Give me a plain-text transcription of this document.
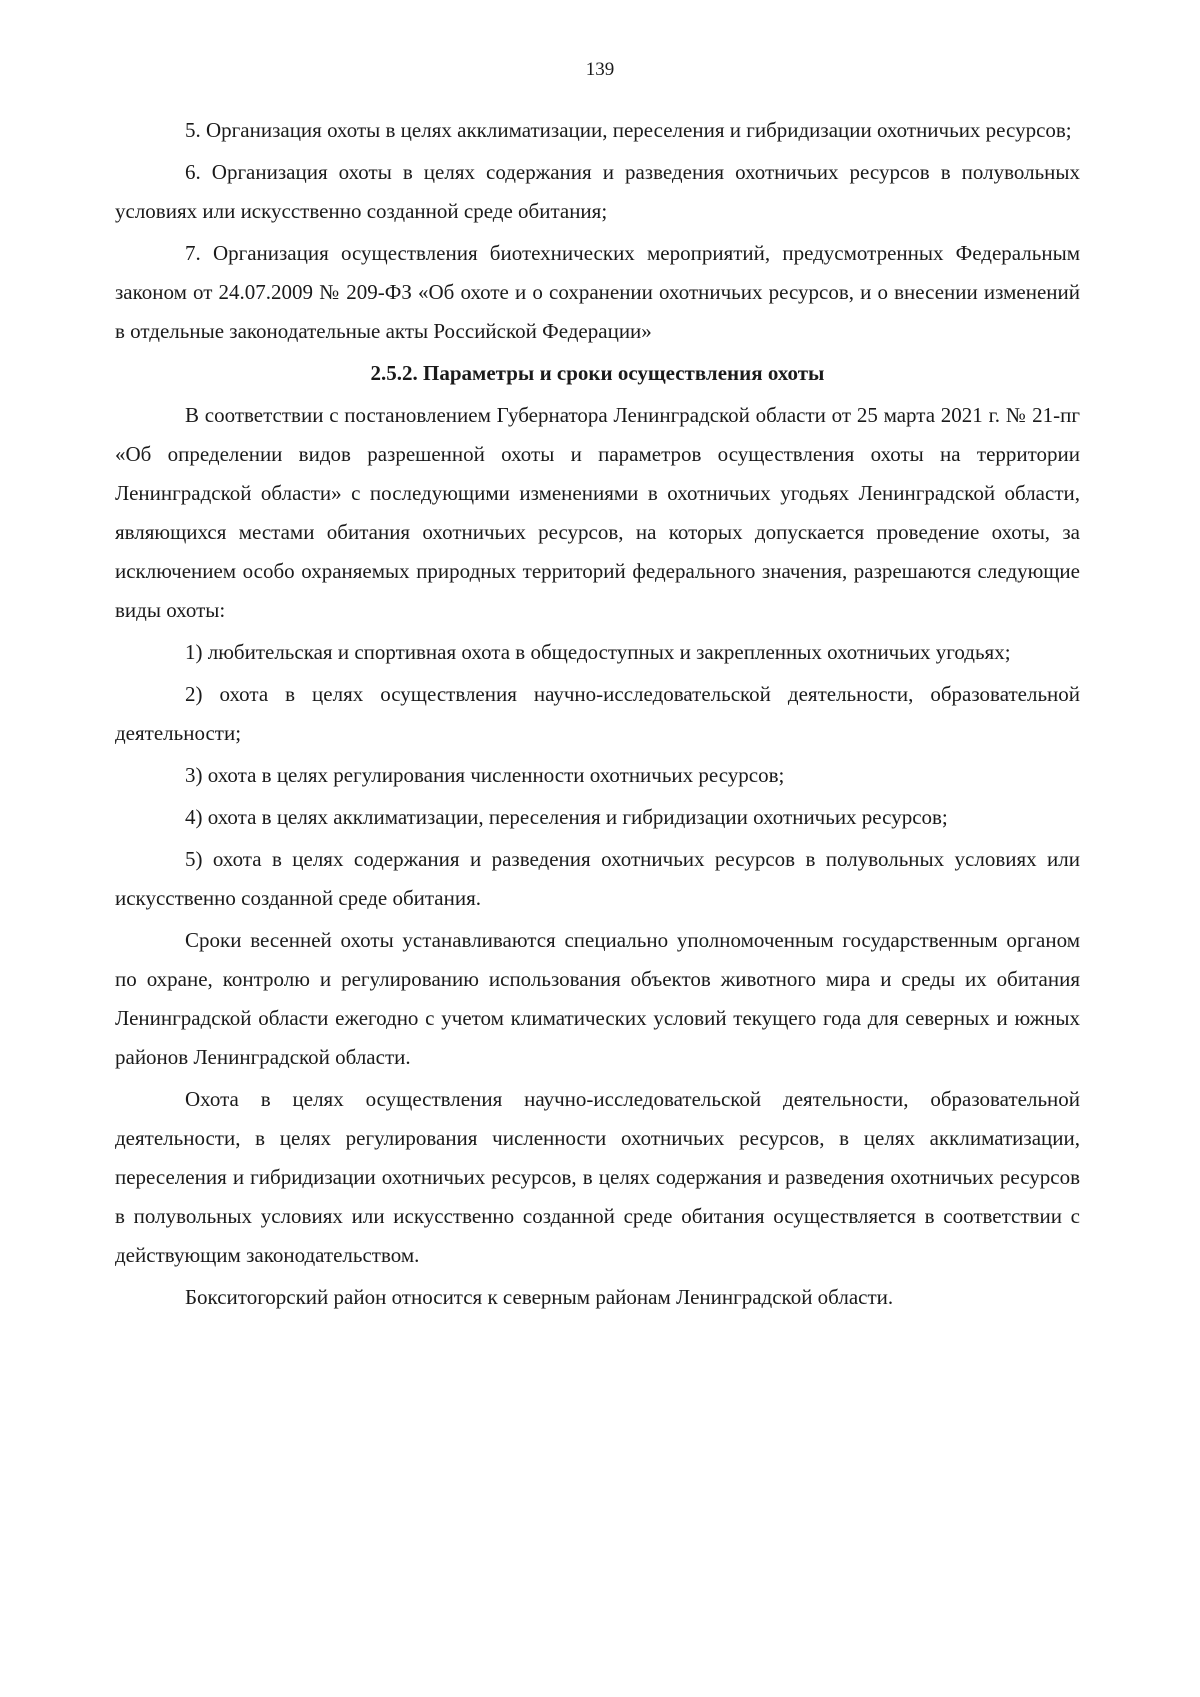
139

5. Организация охоты в целях акклиматизации, переселения и гибридизации охотничьих ресурсов;

6. Организация охоты в целях содержания и разведения охотничьих ресурсов в полувольных условиях или искусственно созданной среде обитания;

7. Организация осуществления биотехнических мероприятий, предусмотренных Федеральным законом от 24.07.2009 № 209-ФЗ «Об охоте и о сохранении охотничьих ресурсов, и о внесении изменений в отдельные законодательные акты Российской Федерации»

2.5.2. Параметры и сроки осуществления охоты

В соответствии с постановлением Губернатора Ленинградской области от 25 марта 2021 г. № 21-пг «Об определении видов разрешенной охоты и параметров осуществления охоты на территории Ленинградской области» с последующими изменениями в охотничьих угодьях Ленинградской области, являющихся местами обитания охотничьих ресурсов, на которых допускается проведение охоты, за исключением особо охраняемых природных территорий федерального значения, разрешаются следующие виды охоты:

1) любительская и спортивная охота в общедоступных и закрепленных охотничьих угодьях;

2) охота в целях осуществления научно-исследовательской деятельности, образовательной деятельности;

3) охота в целях регулирования численности охотничьих ресурсов;

4) охота в целях акклиматизации, переселения и гибридизации охотничьих ресурсов;

5) охота в целях содержания и разведения охотничьих ресурсов в полувольных условиях или искусственно созданной среде обитания.

Сроки весенней охоты устанавливаются специально уполномоченным государственным органом по охране, контролю и регулированию использования объектов животного мира и среды их обитания Ленинградской области ежегодно с учетом климатических условий текущего года для северных и южных районов Ленинградской области.

Охота в целях осуществления научно-исследовательской деятельности, образовательной деятельности, в целях регулирования численности охотничьих ресурсов, в целях акклиматизации, переселения и гибридизации охотничьих ресурсов, в целях содержания и разведения охотничьих ресурсов в полувольных условиях или искусственно созданной среде обитания осуществляется в соответствии с действующим законодательством.

Бокситогорский район относится к северным районам Ленинградской области.
